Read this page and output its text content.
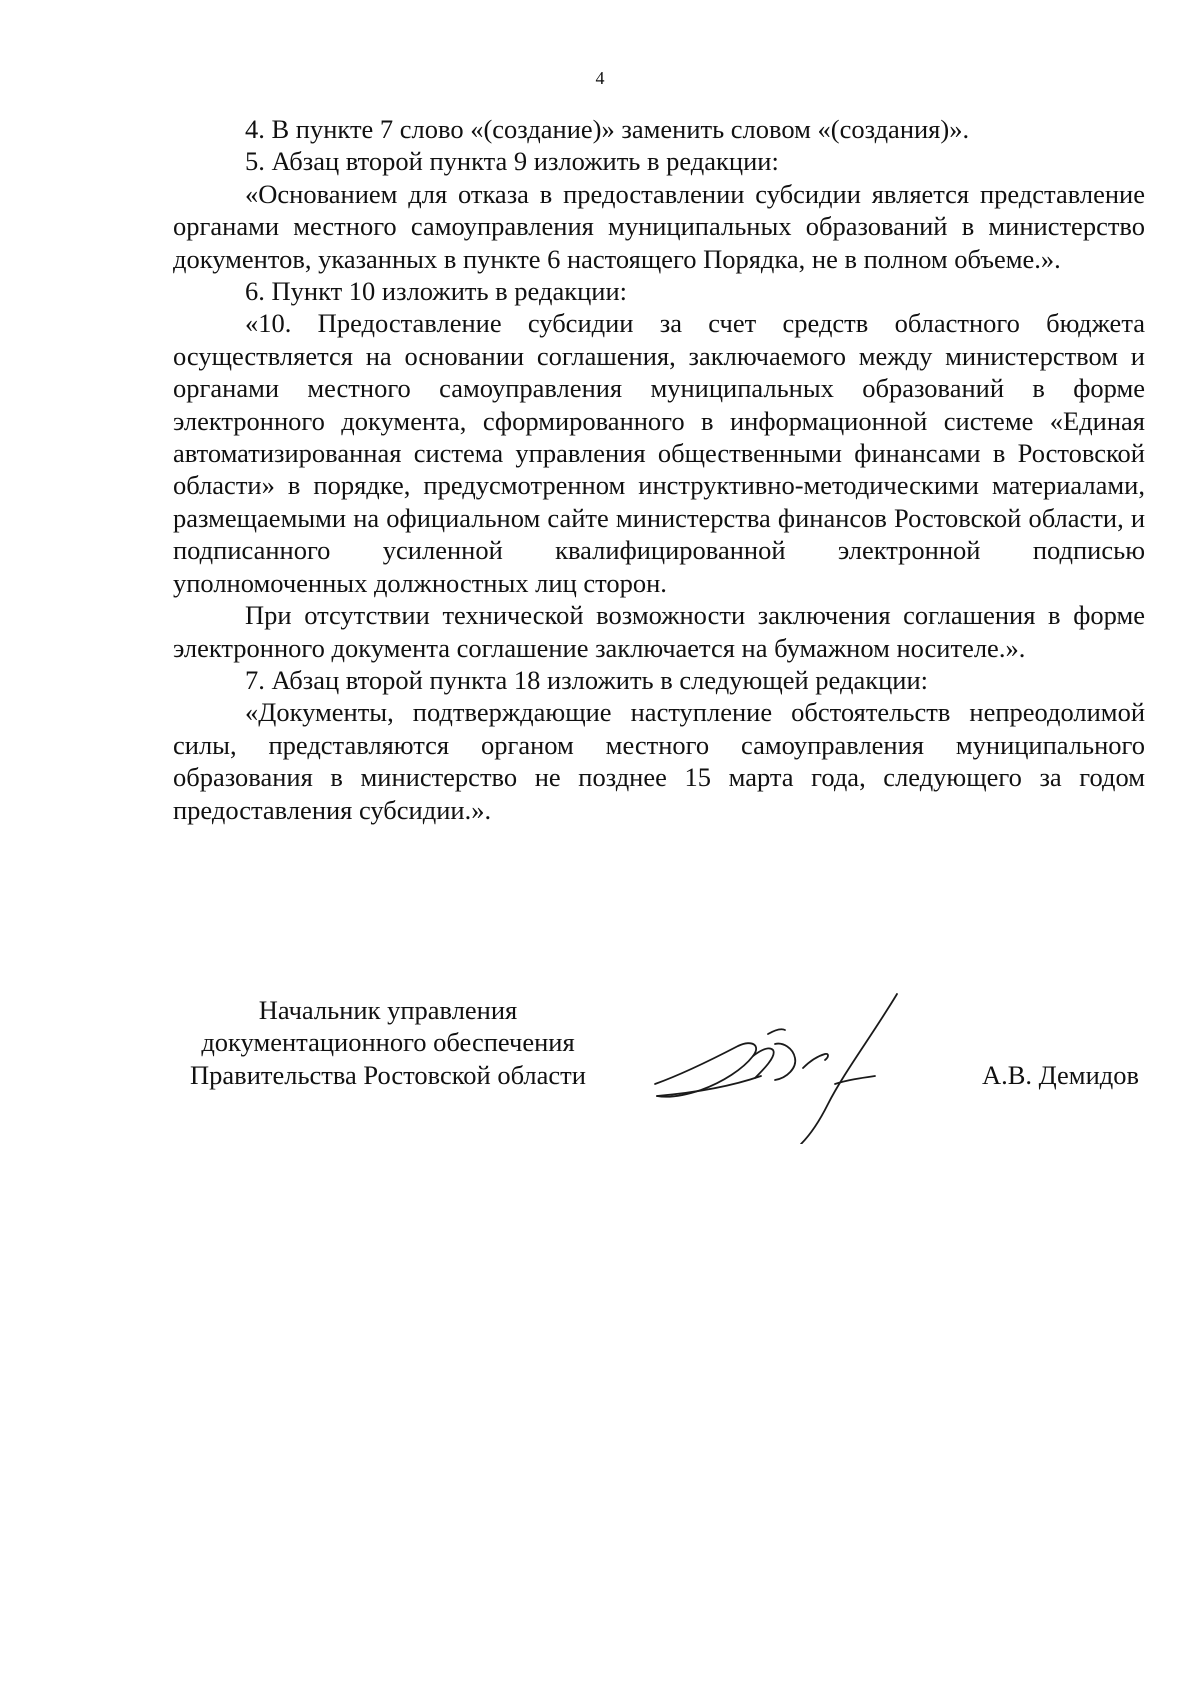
4

4. В пункте 7 слово «(создание)» заменить словом «(создания)».

5. Абзац второй пункта 9 изложить в редакции:

«Основанием для отказа в предоставлении субсидии является представление органами местного самоуправления муниципальных образований в министерство документов, указанных в пункте 6 настоящего Порядка, не в полном объеме.».

6. Пункт 10 изложить в редакции:

«10. Предоставление субсидии за счет средств областного бюджета осуществляется на основании соглашения, заключаемого между министерством и органами местного самоуправления муниципальных образований в форме электронного документа, сформированного в информационной системе «Единая автоматизированная система управления общественными финансами в Ростовской области» в порядке, предусмотренном инструктивно-методическими материалами, размещаемыми на официальном сайте министерства финансов Ростовской области, и подписанного усиленной квалифицированной электронной подписью уполномоченных должностных лиц сторон.

При отсутствии технической возможности заключения соглашения в форме электронного документа соглашение заключается на бумажном носителе.».

7. Абзац второй пункта 18 изложить в следующей редакции:

«Документы, подтверждающие наступление обстоятельств непреодолимой силы, представляются органом местного самоуправления муниципального образования в министерство не позднее 15 марта года, следующего за годом предоставления субсидии.».

Начальник управления
документационного обеспечения
Правительства Ростовской области	А.В. Демидов
